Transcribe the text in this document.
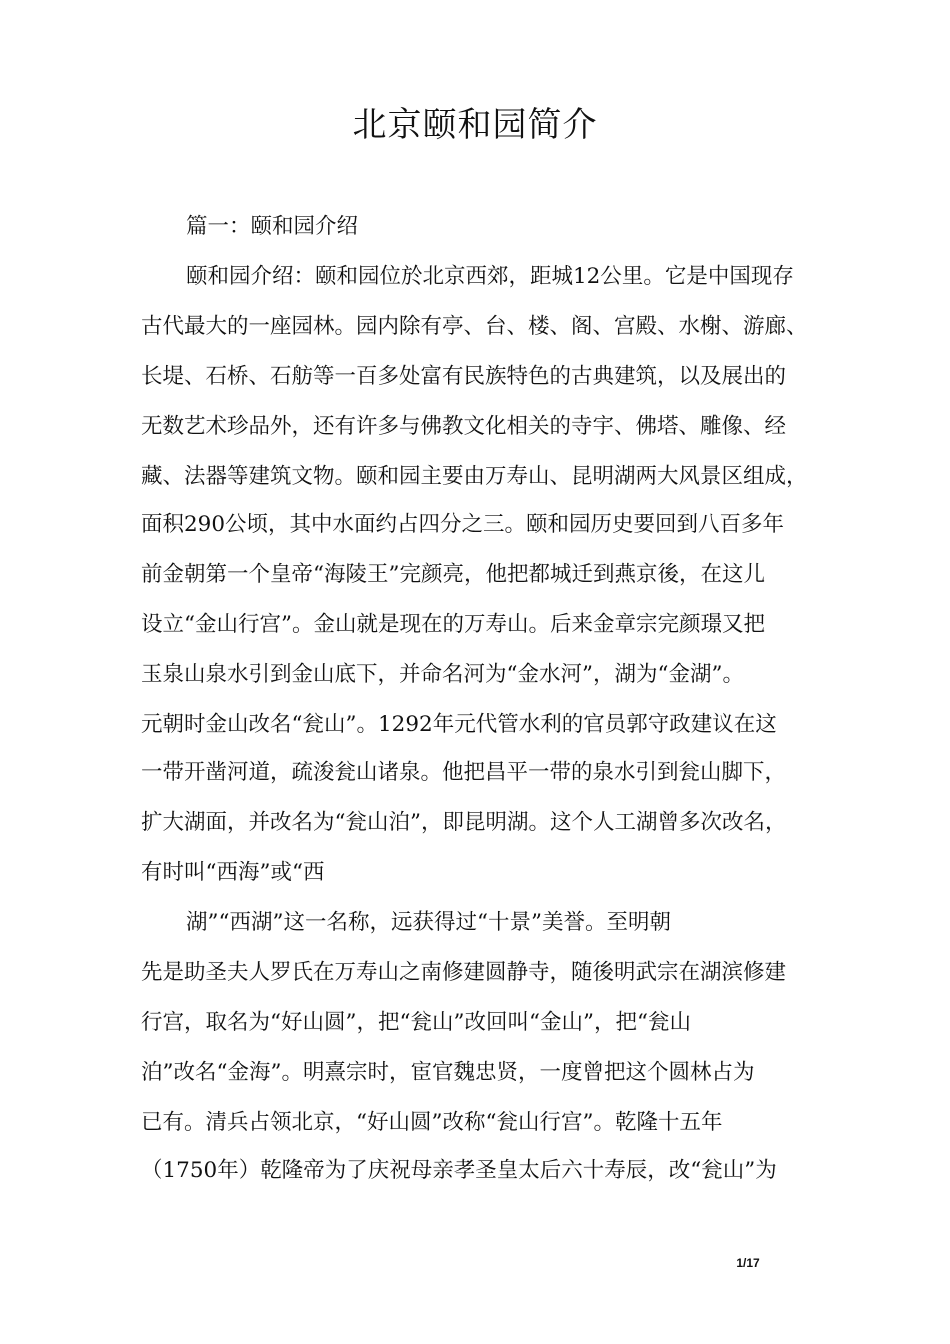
北京颐和园简介
篇一：颐和园介绍
颐和园介绍：颐和园位於北京西郊，距城12公里。它是中国现存
古代最大的一座园林。园内除有亭、台、楼、阁、宫殿、水榭、游廊、
长堤、石桥、石舫等一百多处富有民族特色的古典建筑，以及展出的
无数艺术珍品外，还有许多与佛教文化相关的寺宇、佛塔、雕像、经
藏、法器等建筑文物。颐和园主要由万寿山、昆明湖两大风景区组成，
面积290公顷，其中水面约占四分之三。颐和园历史要回到八百多年
前金朝第一个皇帝“海陵王”完颜亮，他把都城迁到燕京後，在这儿
设立“金山行宫”。金山就是现在的万寿山。后来金章宗完颜璟又把
玉泉山泉水引到金山底下，并命名河为“金水河”，湖为“金湖”。
元朝时金山改名“瓮山”。1292年元代管水利的官员郭守政建议在这
一带开凿河道，疏浚瓮山诸泉。他把昌平一带的泉水引到瓮山脚下，
扩大湖面，并改名为“瓮山泊”，即昆明湖。这个人工湖曾多次改名，
有时叫“西海”或“西
湖”“西湖”这一名称，远获得过“十景”美誉。至明朝
先是助圣夫人罗氏在万寿山之南修建圆静寺，随後明武宗在湖滨修建
行宫，取名为“好山圆”，把“瓮山”改回叫“金山”，把“瓮山
泊”改名“金海”。明熹宗时，宦官魏忠贤，一度曾把这个圆林占为
已有。清兵占领北京，“好山圆”改称“瓮山行宫”。乾隆十五年
（1750年）乾隆帝为了庆祝母亲孝圣皇太后六十寿辰，改“瓮山”为
1/17
